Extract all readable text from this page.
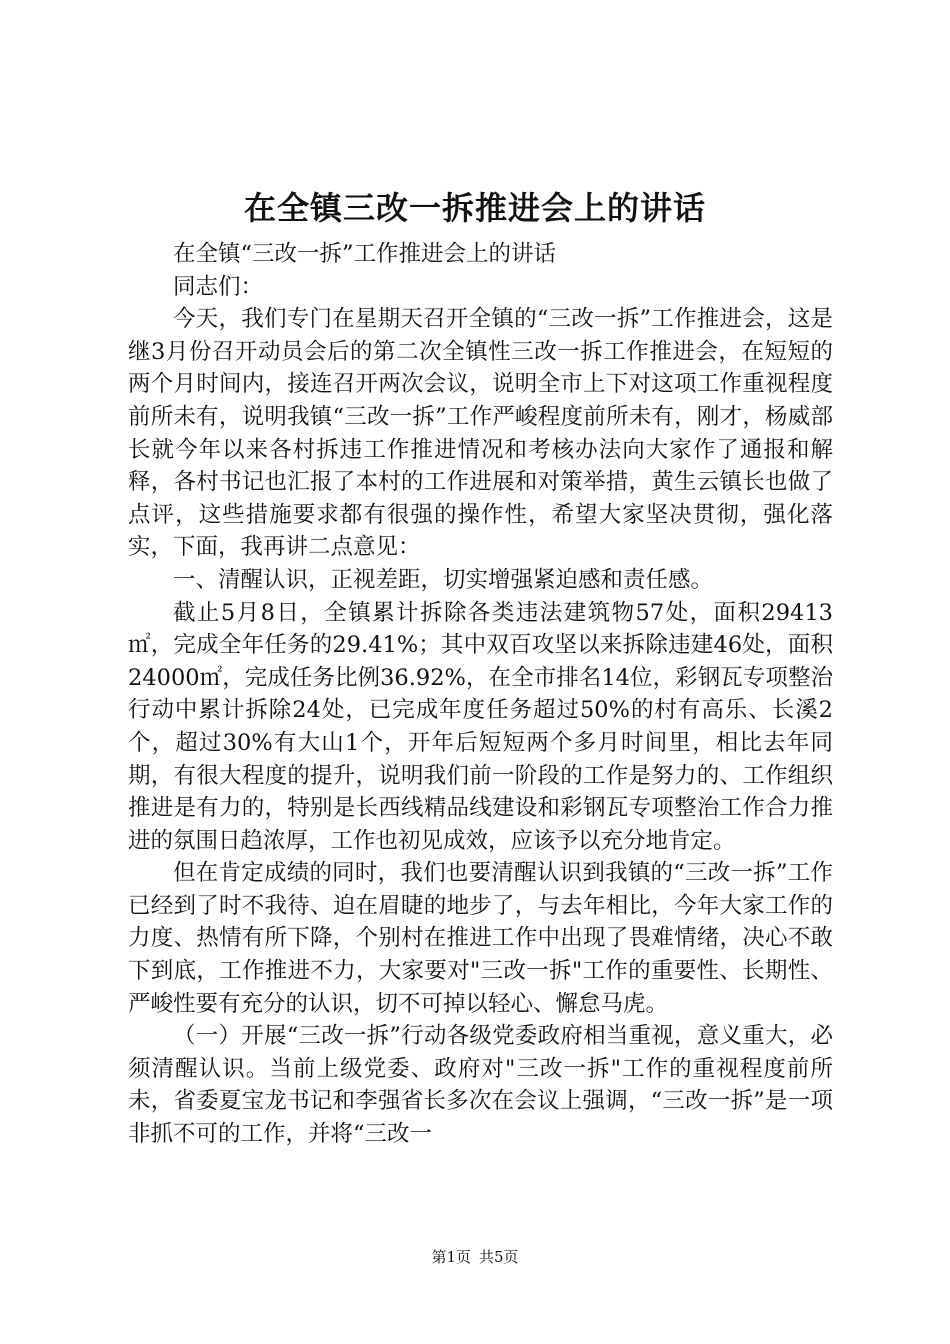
在全镇三改一拆推进会上的讲话

在全镇“三改一拆”工作推进会上的讲话

同志们：

今天，我们专门在星期天召开全镇的“三改一拆”工作推进会，这是继3月份召开动员会后的第二次全镇性三改一拆工作推进会，在短短的两个月时间内，接连召开两次会议，说明全市上下对这项工作重视程度前所未有，说明我镇“三改一拆”工作严峻程度前所未有，刚才，杨威部长就今年以来各村拆违工作推进情况和考核办法向大家作了通报和解释，各村书记也汇报了本村的工作进展和对策举措，黄生云镇长也做了点评，这些措施要求都有很强的操作性，希望大家坚决贯彻，强化落实，下面，我再讲二点意见：

一、清醒认识，正视差距，切实增强紧迫感和责任感。

截止5月8日，全镇累计拆除各类违法建筑物57处，面积29413㎡，完成全年任务的29.41%；其中双百攻坚以来拆除违建46处，面积24000㎡，完成任务比例36.92%，在全市排名14位，彩钢瓦专项整治行动中累计拆除24处，已完成年度任务超过50%的村有高乐、长溪2个，超过30%有大山1个，开年后短短两个多月时间里，相比去年同期，有很大程度的提升，说明我们前一阶段的工作是努力的、工作组织推进是有力的，特别是长西线精品线建设和彩钢瓦专项整治工作合力推进的氛围日趋浓厚，工作也初见成效，应该予以充分地肯定。

但在肯定成绩的同时，我们也要清醒认识到我镇的“三改一拆”工作已经到了时不我待、迫在眉睫的地步了，与去年相比，今年大家工作的力度、热情有所下降，个别村在推进工作中出现了畏难情绪，决心不敢下到底，工作推进不力，大家要对"三改一拆"工作的重要性、长期性、严峻性要有充分的认识，切不可掉以轻心、懈怠马虎。

（一）开展“三改一拆”行动各级党委政府相当重视，意义重大，必须清醒认识。当前上级党委、政府对"三改一拆"工作的重视程度前所未，省委夏宝龙书记和李强省长多次在会议上强调，“三改一拆”是一项非抓不可的工作，并将“三改一

第1页 共5页
